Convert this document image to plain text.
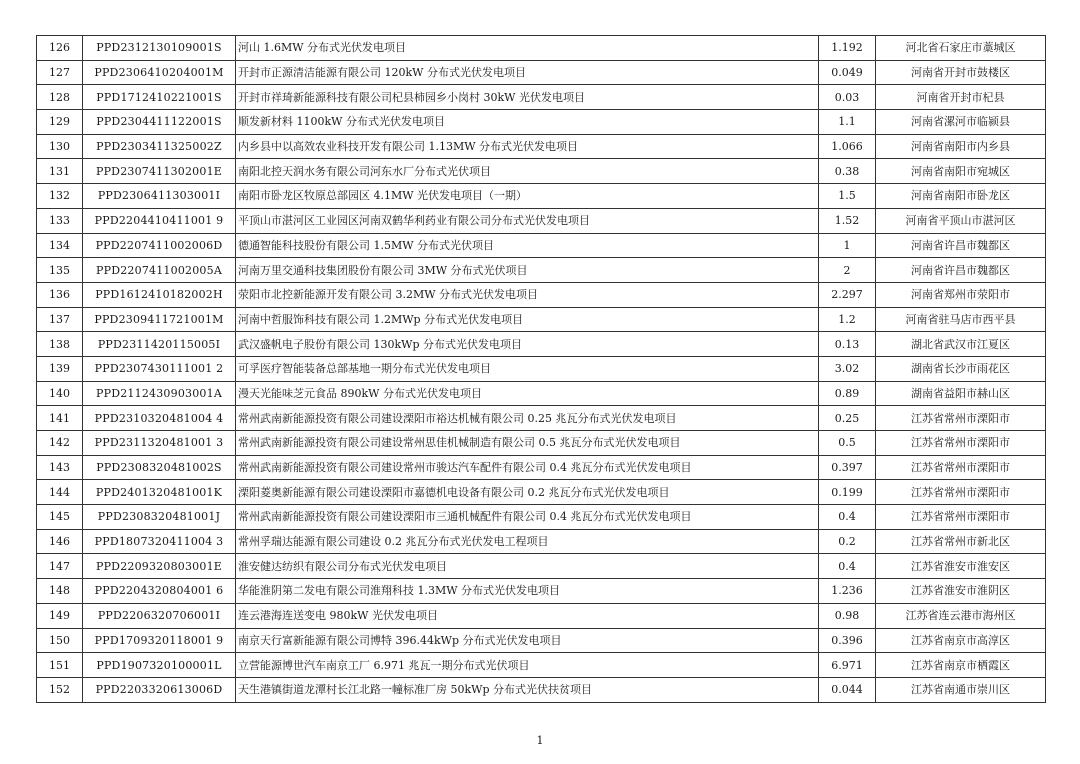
126	PPD2312130109001S	河山 1.6MW 分布式光伏发电项目	1.192	河北省石家庄市藁城区
127	PPD2306410204001M	开封市正源清洁能源有限公司 120kW 分布式光伏发电项目	0.049	河南省开封市鼓楼区
128	PPD1712410221001S	开封市祥琦新能源科技有限公司杞县柿园乡小岗村 30kW 光伏发电项目	0.03	河南省开封市杞县
129	PPD2304411122001S	顺发新材料 1100kW 分布式光伏发电项目	1.1	河南省漯河市临颍县
130	PPD2303411325002Z	内乡县中以高效农业科技开发有限公司 1.13MW 分布式光伏发电项目	1.066	河南省南阳市内乡县
131	PPD2307411302001E	南阳北控天润水务有限公司河东水厂分布式光伏项目	0.38	河南省南阳市宛城区
132	PPD2306411303001I	南阳市卧龙区牧原总部园区 4.1MW 光伏发电项目（一期）	1.5	河南省南阳市卧龙区
133	PPD2204410411001 9	平顶山市湛河区工业园区河南双鹤华利药业有限公司分布式光伏发电项目	1.52	河南省平顶山市湛河区
134	PPD2207411002006D	德通智能科技股份有限公司 1.5MW 分布式光伏项目	1	河南省许昌市魏都区
135	PPD2207411002005A	河南万里交通科技集团股份有限公司 3MW 分布式光伏项目	2	河南省许昌市魏都区
136	PPD1612410182002H	荥阳市北控新能源开发有限公司 3.2MW 分布式光伏发电项目	2.297	河南省郑州市荥阳市
137	PPD2309411721001M	河南中哲服饰科技有限公司 1.2MWp 分布式光伏发电项目	1.2	河南省驻马店市西平县
138	PPD2311420115005I	武汉盛帆电子股份有限公司 130kWp 分布式光伏发电项目	0.13	湖北省武汉市江夏区
139	PPD2307430111001 2	可孚医疗智能装备总部基地一期分布式光伏发电项目	3.02	湖南省长沙市雨花区
140	PPD2112430903001A	漫天光能味芝元食品 890kW 分布式光伏发电项目	0.89	湖南省益阳市赫山区
141	PPD2310320481004 4	常州武南新能源投资有限公司建设溧阳市裕达机械有限公司 0.25 兆瓦分布式光伏发电项目	0.25	江苏省常州市溧阳市
142	PPD2311320481001 3	常州武南新能源投资有限公司建设常州思佳机械制造有限公司 0.5 兆瓦分布式光伏发电项目	0.5	江苏省常州市溧阳市
143	PPD2308320481002S	常州武南新能源投资有限公司建设常州市骏达汽车配件有限公司 0.4 兆瓦分布式光伏发电项目	0.397	江苏省常州市溧阳市
144	PPD2401320481001K	溧阳菱奥新能源有限公司建设溧阳市嘉德机电设备有限公司 0.2 兆瓦分布式光伏发电项目	0.199	江苏省常州市溧阳市
145	PPD2308320481001J	常州武南新能源投资有限公司建设溧阳市三通机械配件有限公司 0.4 兆瓦分布式光伏发电项目	0.4	江苏省常州市溧阳市
146	PPD1807320411004 3	常州孚瑞达能源有限公司建设 0.2 兆瓦分布式光伏发电工程项目	0.2	江苏省常州市新北区
147	PPD2209320803001E	淮安健达纺织有限公司分布式光伏发电项目	0.4	江苏省淮安市淮安区
148	PPD2204320804001 6	华能淮阴第二发电有限公司淮翔科技 1.3MW 分布式光伏发电项目	1.236	江苏省淮安市淮阴区
149	PPD2206320706001I	连云港海连送变电 980kW 光伏发电项目	0.98	江苏省连云港市海州区
150	PPD1709320118001 9	南京天行富新能源有限公司博特 396.44kWp 分布式光伏发电项目	0.396	江苏省南京市高淳区
151	PPD1907320100001L	立营能源博世汽车南京工厂 6.971 兆瓦一期分布式光伏项目	6.971	江苏省南京市栖霞区
152	PPD2203320613006D	天生港镇街道龙潭村长江北路一幢标准厂房 50kWp 分布式光伏扶贫项目	0.044	江苏省南通市崇川区
1
